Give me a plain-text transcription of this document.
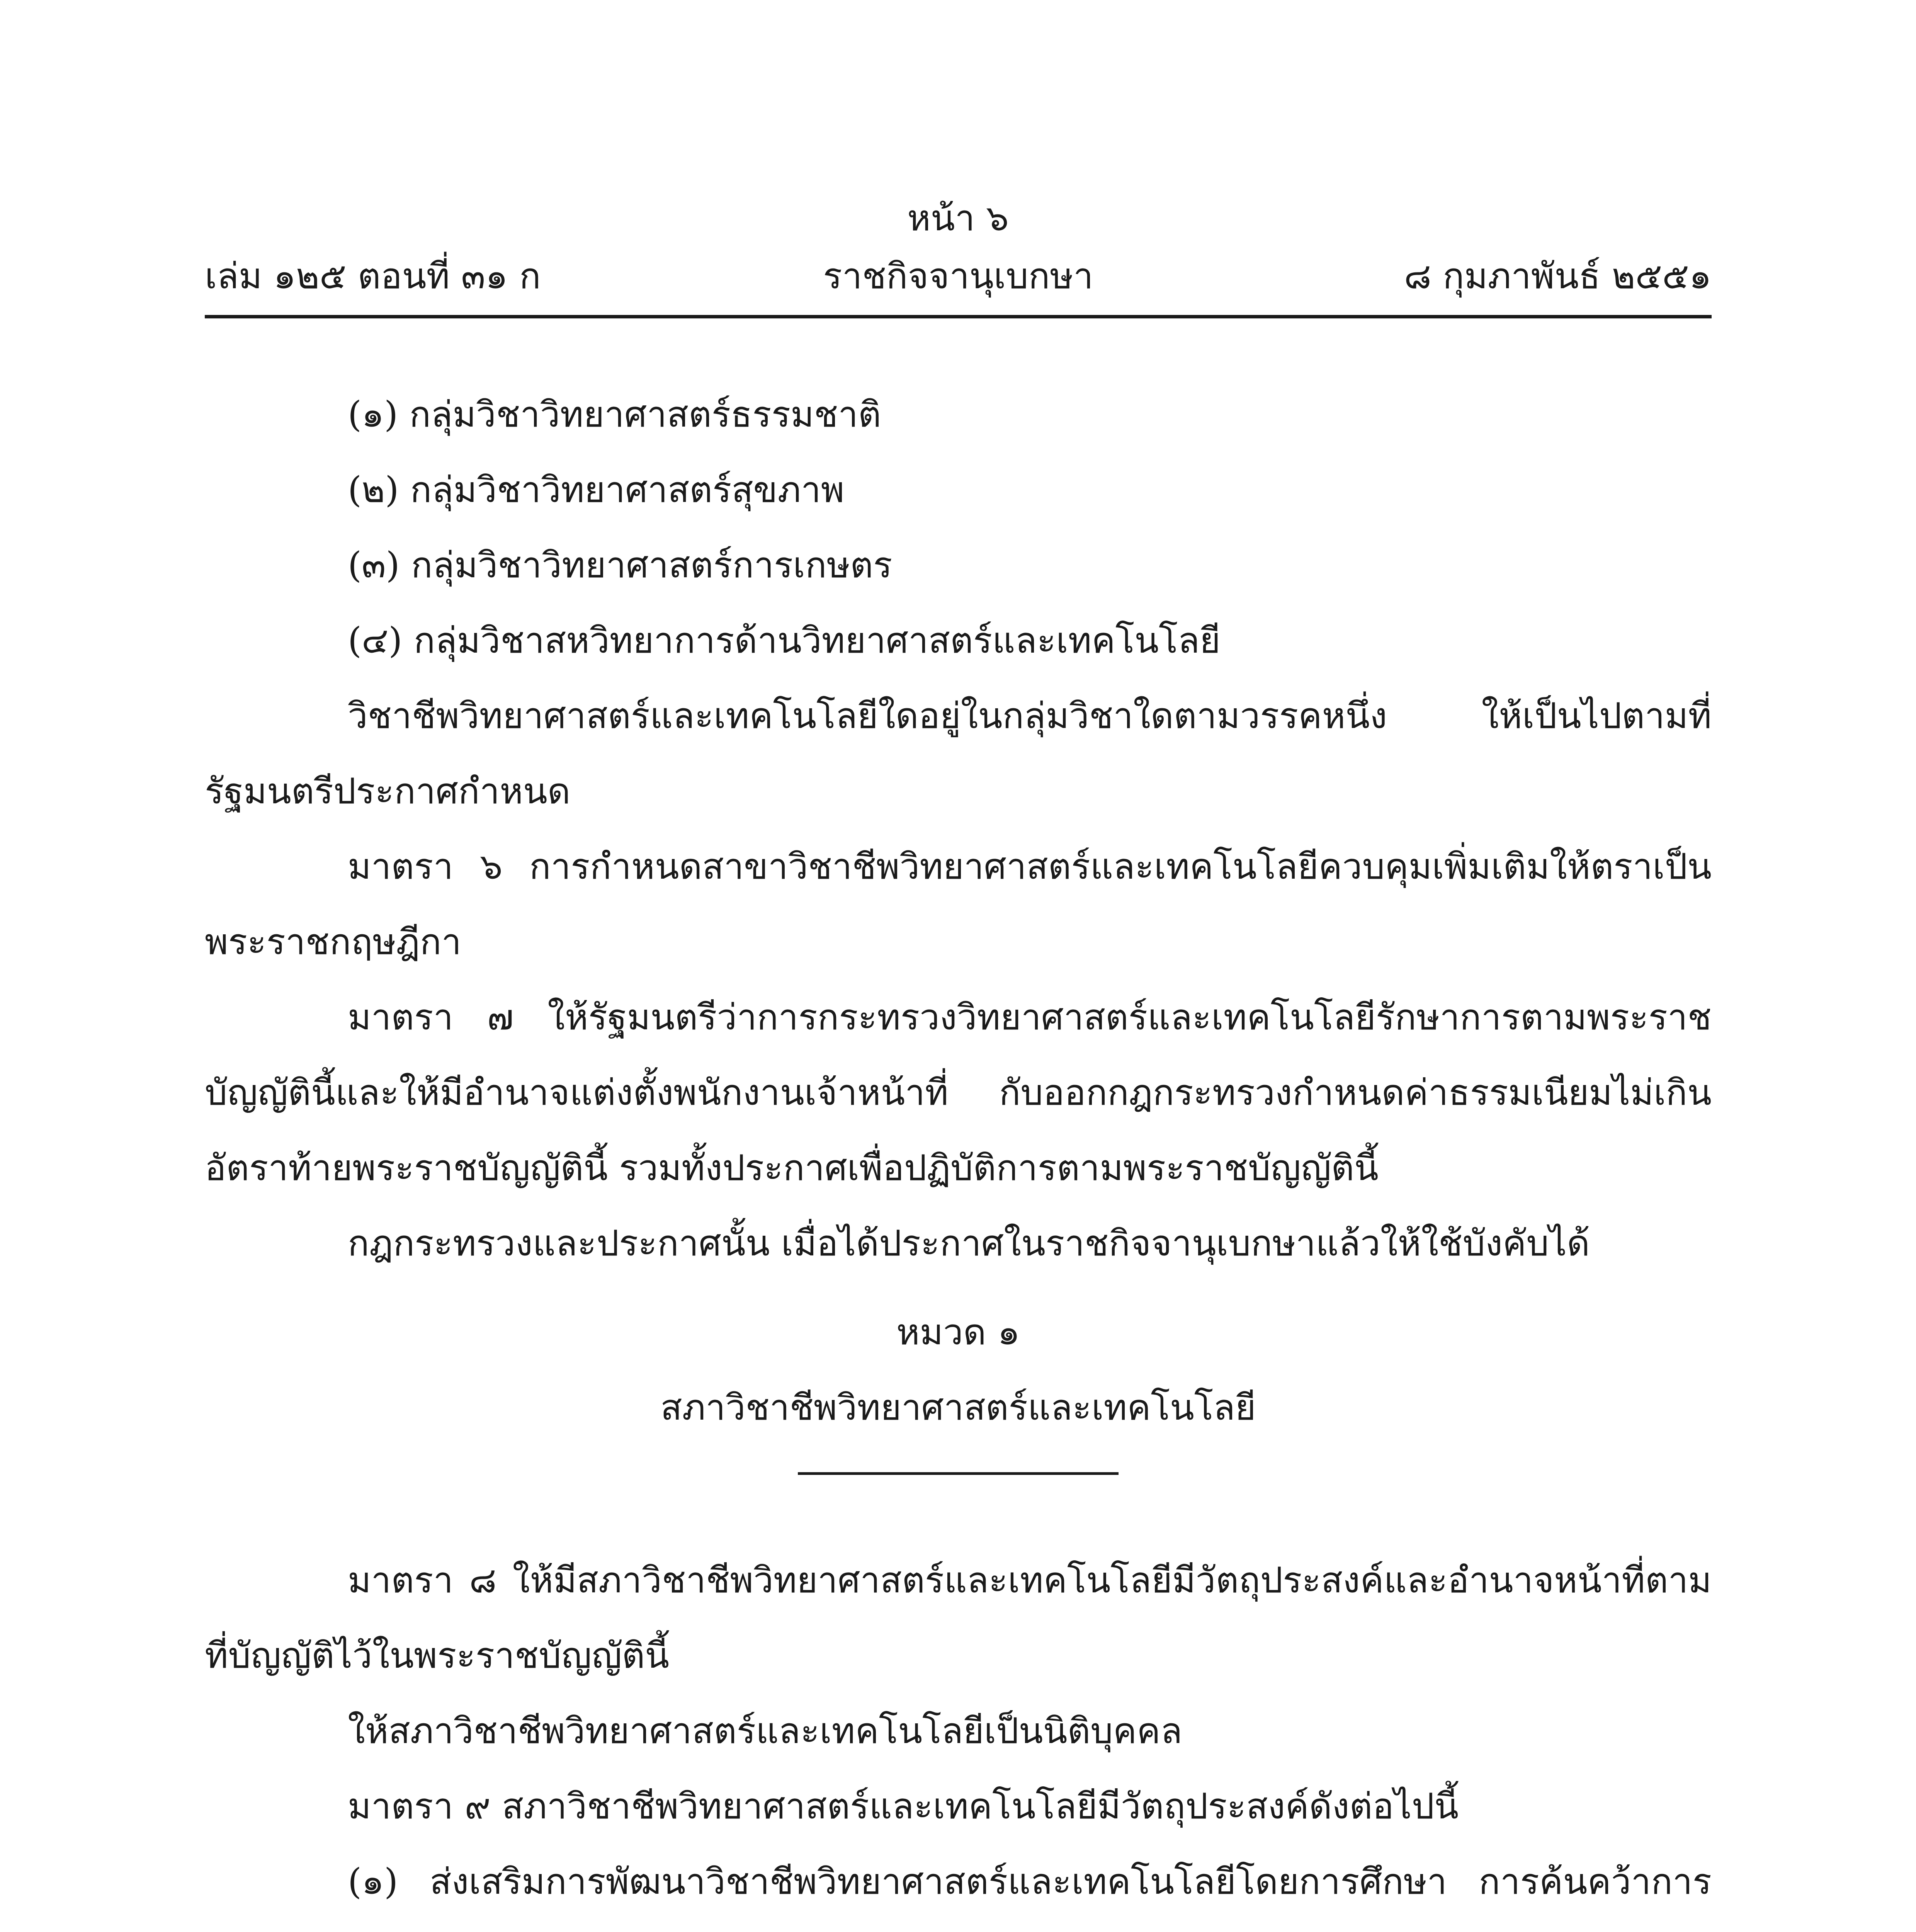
หน้า ๖
ราชกิจจานุเบกษา
เล่ม ๑๒๕ ตอนที่ ๓๑ ก	๘ กุมภาพันธ์ ๒๕๕๑

(๑) กลุ่มวิชาวิทยาศาสตร์ธรรมชาติ

(๒) กลุ่มวิชาวิทยาศาสตร์สุขภาพ

(๓) กลุ่มวิชาวิทยาศาสตร์การเกษตร

(๔) กลุ่มวิชาสหวิทยาการด้านวิทยาศาสตร์และเทคโนโลยี

วิชาชีพวิทยาศาสตร์และเทคโนโลยีใดอยู่ในกลุ่มวิชาใดตามวรรคหนึ่ง ให้เป็นไปตามที่รัฐมนตรีประกาศกำหนด

มาตรา ๖ การกำหนดสาขาวิชาชีพวิทยาศาสตร์และเทคโนโลยีควบคุมเพิ่มเติมให้ตราเป็นพระราชกฤษฎีกา

มาตรา ๗ ให้รัฐมนตรีว่าการกระทรวงวิทยาศาสตร์และเทคโนโลยีรักษาการตามพระราชบัญญัตินี้และให้มีอำนาจแต่งตั้งพนักงานเจ้าหน้าที่ กับออกกฎกระทรวงกำหนดค่าธรรมเนียมไม่เกินอัตราท้ายพระราชบัญญัตินี้ รวมทั้งประกาศเพื่อปฏิบัติการตามพระราชบัญญัตินี้

กฎกระทรวงและประกาศนั้น เมื่อได้ประกาศในราชกิจจานุเบกษาแล้วให้ใช้บังคับได้

หมวด ๑

สภาวิชาชีพวิทยาศาสตร์และเทคโนโลยี

มาตรา ๘ ให้มีสภาวิชาชีพวิทยาศาสตร์และเทคโนโลยีมีวัตถุประสงค์และอำนาจหน้าที่ตามที่บัญญัติไว้ในพระราชบัญญัตินี้

ให้สภาวิชาชีพวิทยาศาสตร์และเทคโนโลยีเป็นนิติบุคคล

มาตรา ๙ สภาวิชาชีพวิทยาศาสตร์และเทคโนโลยีมีวัตถุประสงค์ดังต่อไปนี้

(๑) ส่งเสริมการพัฒนาวิชาชีพวิทยาศาสตร์และเทคโนโลยีโดยการศึกษา การค้นคว้าการ
